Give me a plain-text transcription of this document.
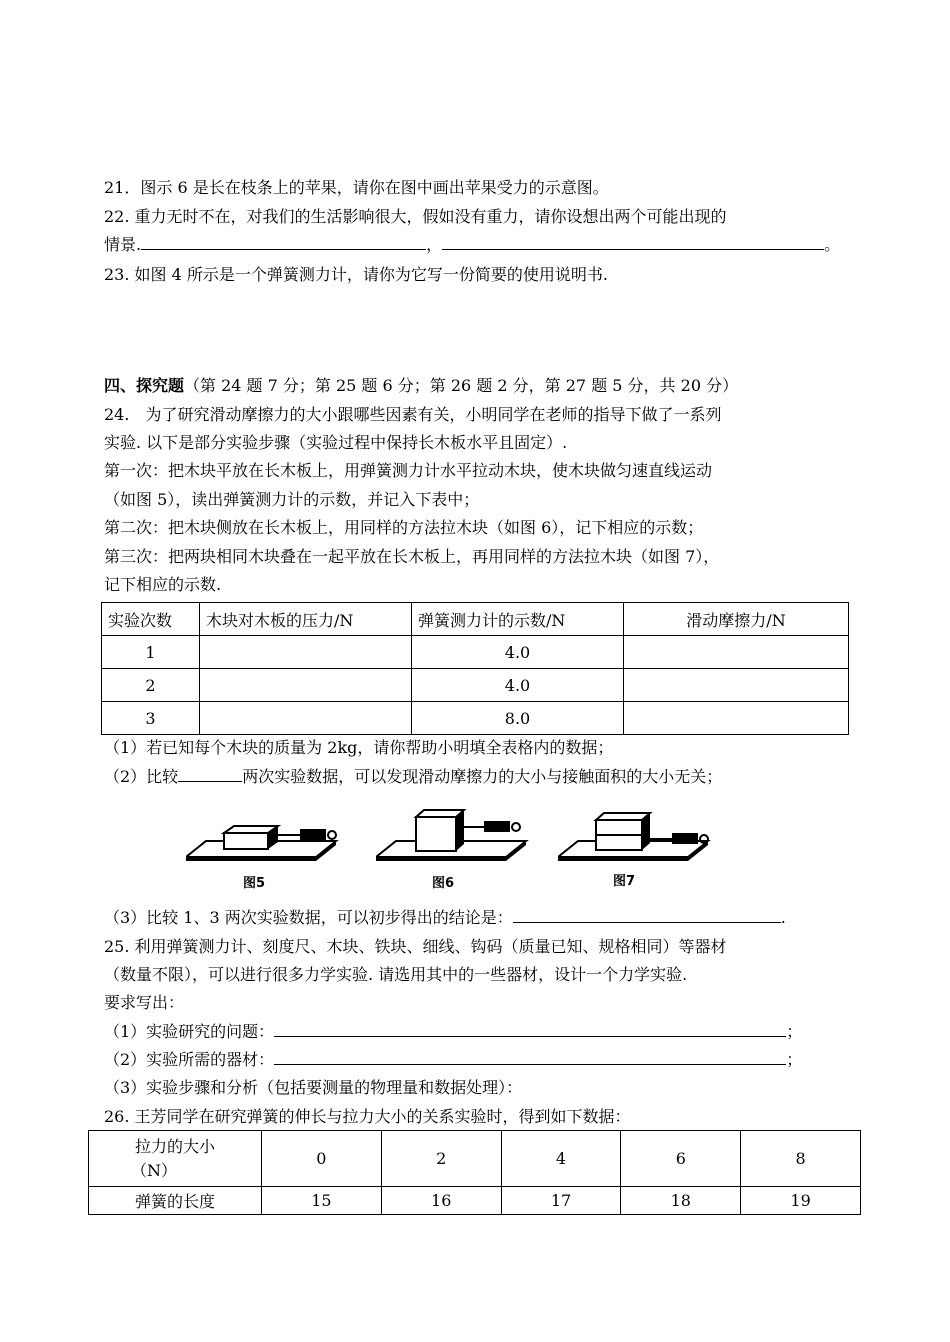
21．图示 6 是长在枝条上的苹果，请你在图中画出苹果受力的示意图。
22. 重力无时不在，对我们的生活影响很大，假如没有重力，请你设想出两个可能出现的
情景.	，	。
23. 如图 4 所示是一个弹簧测力计，请你为它写一份简要的使用说明书.
四、探究题（第 24 题 7 分；第 25 题 6 分；第 26 题 2 分，第 27 题 5 分，共 20 分）
24.　为了研究滑动摩擦力的大小跟哪些因素有关，小明同学在老师的指导下做了一系列
实验. 以下是部分实验步骤（实验过程中保持长木板水平且固定）.
第一次：把木块平放在长木板上，用弹簧测力计水平拉动木块，使木块做匀速直线运动
（如图 5），读出弹簧测力计的示数，并记入下表中；
第二次：把木块侧放在长木板上，用同样的方法拉木块（如图 6），记下相应的示数；
第三次：把两块相同木块叠在一起平放在长木板上，再用同样的方法拉木块（如图 7），
记下相应的示数.
实验次数	木块对木板的压力/N	弹簧测力计的示数/N	滑动摩擦力/N
1		4.0	
2		4.0	
3		8.0	
（1）若已知每个木块的质量为 2kg，请你帮助小明填全表格内的数据；
（2）比较	两次实验数据，可以发现滑动摩擦力的大小与接触面积的大小无关；
图5	图6	图7
（3）比较 1、3 两次实验数据，可以初步得出的结论是：	.
25. 利用弹簧测力计、刻度尺、木块、铁块、细线、钩码（质量已知、规格相同）等器材
（数量不限），可以进行很多力学实验. 请选用其中的一些器材，设计一个力学实验.
要求写出：
（1）实验研究的问题：	；
（2）实验所需的器材：	；
（3）实验步骤和分析（包括要测量的物理量和数据处理）：
26. 王芳同学在研究弹簧的伸长与拉力大小的关系实验时，得到如下数据：
拉力的大小
（N）	0	2	4	6	8
弹簧的长度	15	16	17	18	19
